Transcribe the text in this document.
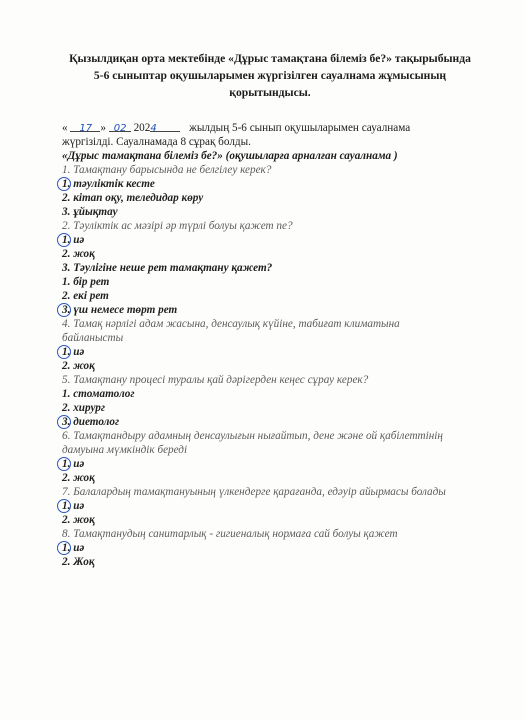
Қызылдиқан орта мектебінде «Дұрыс тамақтана білеміз бе?» тақырыбында
5-6 сыныптар оқушыларымен жүргізілген сауалнама жұмысының
қорытындысы.
« 17 » 02 2024	жылдың 5-6 сынып оқушыларымен сауалнама
жүргізілді. Сауалнамада 8 сұрақ болды.
«Дұрыс тамақтана білеміз бе?» (оқушыларға арналған сауалнама )
1. Тамақтану барысында не белгілеу керек?
1. тәуліктік кесте
2. кітап оқу, теледидар көру
3. ұйықтау
2. Тәуліктік ас мәзірі әр түрлі болуы қажет пе?
1. иә
2. жоқ
3. Тәулігіне неше рет тамақтану қажет?
1. бір рет
2. екі рет
3. үш немесе төрт рет
4. Тамақ нәрлігі адам жасына, денсаулық күйіне, табиғат климатына
байланысты
1. иә
2. жоқ
5. Тамақтану процесі туралы қай дәрігерден кеңес сұрау керек?
1. стоматолог
2. хирург
3. диетолог
6. Тамақтандыру адамның денсаулығын нығайтып, дене және ой қабілеттінің
дамуына мүмкіндік береді
1. иә
2. жоқ
7. Балалардың тамақтануының үлкендерге қарағанда, едәуір айырмасы болады
1. иә
2. жоқ
8. Тамақтанудың санитарлық - гигиеналық нормаға сай болуы қажет
1. иә
2. Жоқ
